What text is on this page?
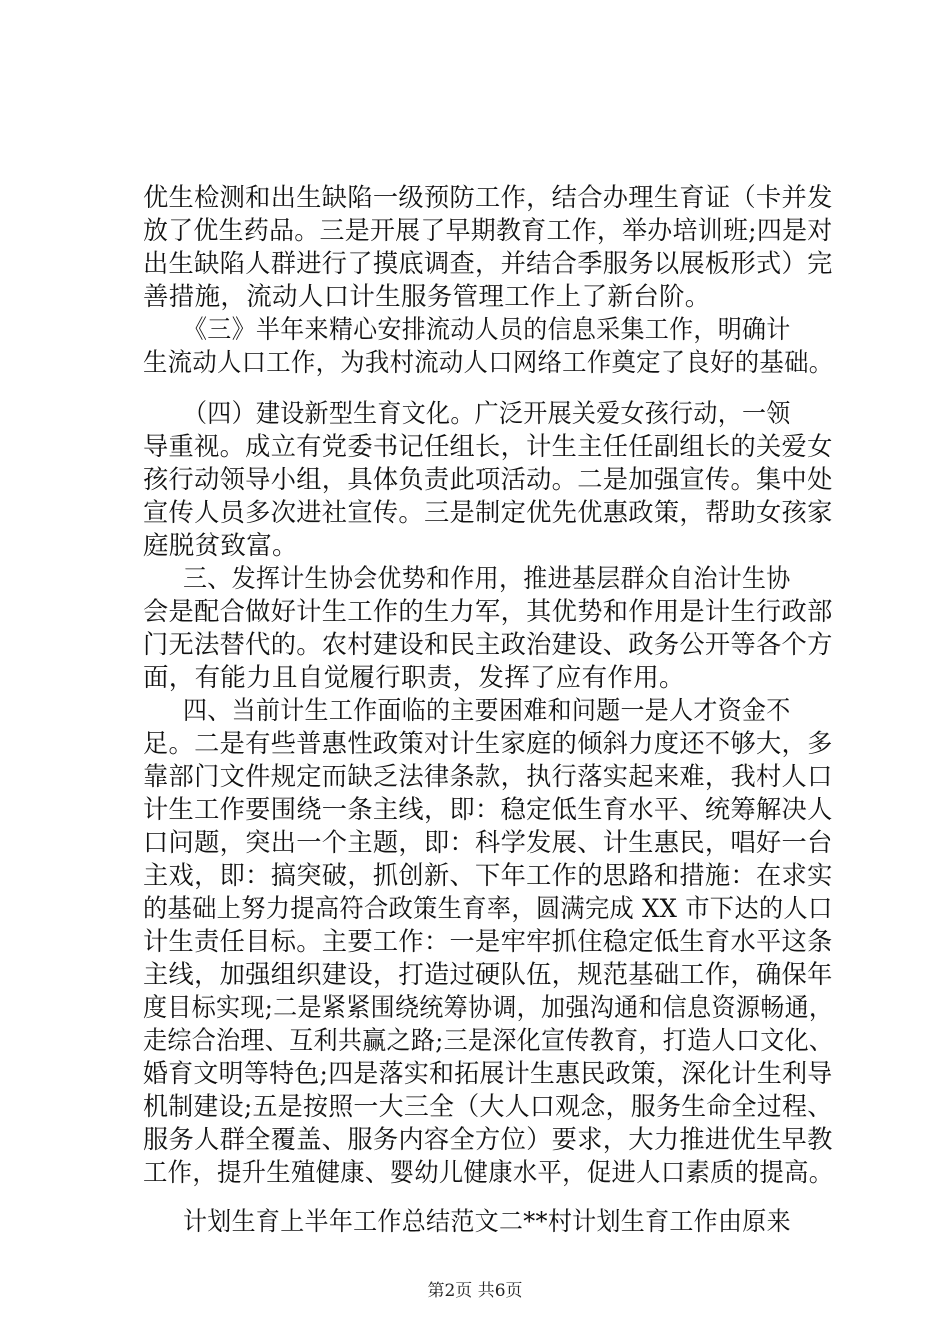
优生检测和出生缺陷一级预防工作，结合办理生育证（卡并发
放了优生药品。三是开展了早期教育工作，举办培训班;四是对
出生缺陷人群进行了摸底调查，并结合季服务以展板形式）完
善措施，流动人口计生服务管理工作上了新台阶。
《三》半年来精心安排流动人员的信息采集工作，明确计
生流动人口工作，为我村流动人口网络工作奠定了良好的基础。
（四）建设新型生育文化。广泛开展关爱女孩行动，一领
导重视。成立有党委书记任组长，计生主任任副组长的关爱女
孩行动领导小组，具体负责此项活动。二是加强宣传。集中处
宣传人员多次进社宣传。三是制定优先优惠政策，帮助女孩家
庭脱贫致富。
三、发挥计生协会优势和作用，推进基层群众自治计生协
会是配合做好计生工作的生力军，其优势和作用是计生行政部
门无法替代的。农村建设和民主政治建设、政务公开等各个方
面，有能力且自觉履行职责，发挥了应有作用。
四、当前计生工作面临的主要困难和问题一是人才资金不
足。二是有些普惠性政策对计生家庭的倾斜力度还不够大，多
靠部门文件规定而缺乏法律条款，执行落实起来难，我村人口
计生工作要围绕一条主线，即：稳定低生育水平、统筹解决人
口问题，突出一个主题，即：科学发展、计生惠民，唱好一台
主戏，即：搞突破，抓创新、下年工作的思路和措施：在求实
的基础上努力提高符合政策生育率，圆满完成 XX 市下达的人口
计生责任目标。主要工作：一是牢牢抓住稳定低生育水平这条
主线，加强组织建设，打造过硬队伍，规范基础工作，确保年
度目标实现;二是紧紧围绕统筹协调，加强沟通和信息资源畅通，
走综合治理、互利共赢之路;三是深化宣传教育，打造人口文化、
婚育文明等特色;四是落实和拓展计生惠民政策，深化计生利导
机制建设;五是按照一大三全（大人口观念，服务生命全过程、
服务人群全覆盖、服务内容全方位）要求，大力推进优生早教
工作，提升生殖健康、婴幼儿健康水平，促进人口素质的提高。
计划生育上半年工作总结范文二**村计划生育工作由原来
第2页 共6页
